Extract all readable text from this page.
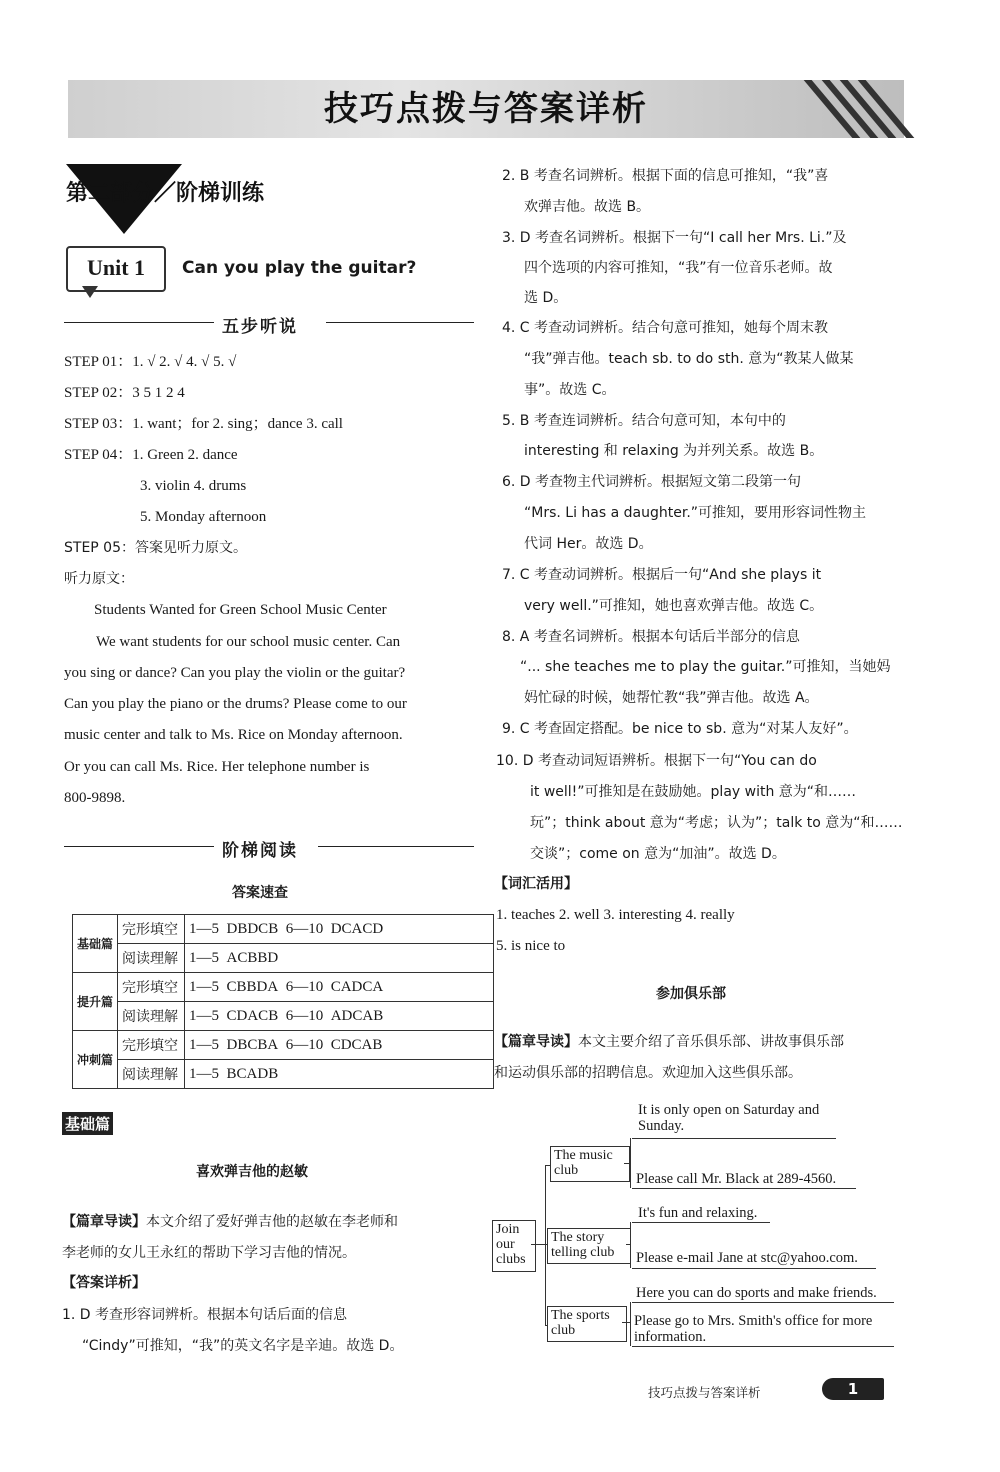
技巧点拨与答案详析
第二部分／阶梯训练
Unit 1	Can you play the guitar?
五步听说
STEP 01：1. √ 2. √ 4. √ 5. √
STEP 02：3 5 1 2 4
STEP 03：1. want；for 2. sing；dance 3. call
STEP 04：1. Green 2. dance
3. violin 4. drums
5. Monday afternoon
STEP 05：答案见听力原文。
听力原文：
Students Wanted for Green School Music Center
We want students for our school music center. Can
you sing or dance? Can you play the violin or the guitar?
Can you play the piano or the drums? Please come to our
music center and talk to Ms. Rice on Monday afternoon.
Or you can call Ms. Rice. Her telephone number is
800-9898.
阶梯阅读
答案速查
基础篇	完形填空	1—5 DBDCB 6—10 DCACD
	阅读理解	1—5 ACBBD
提升篇	完形填空	1—5 CBBDA 6—10 CADCA
	阅读理解	1—5 CDACB 6—10 ADCAB
冲刺篇	完形填空	1—5 DBCBA 6—10 CDCAB
	阅读理解	1—5 BCADB
基础篇
喜欢弹吉他的赵敏
【篇章导读】本文介绍了爱好弹吉他的赵敏在李老师和
李老师的女儿王永红的帮助下学习吉他的情况。
【答案详析】
1. D 考查形容词辨析。根据本句话后面的信息
“Cindy”可推知，“我”的英文名字是辛迪。故选 D。
2. B 考查名词辨析。根据下面的信息可推知，“我”喜
欢弹吉他。故选 B。
3. D 考查名词辨析。根据下一句“I call her Mrs. Li.”及
四个选项的内容可推知，“我”有一位音乐老师。故
选 D。
4. C 考查动词辨析。结合句意可推知，她每个周末教
“我”弹吉他。teach sb. to do sth. 意为“教某人做某
事”。故选 C。
5. B 考查连词辨析。结合句意可知，本句中的
interesting 和 relaxing 为并列关系。故选 B。
6. D 考查物主代词辨析。根据短文第二段第一句
“Mrs. Li has a daughter.”可推知，要用形容词性物主
代词 Her。故选 D。
7. C 考查动词辨析。根据后一句“And she plays it
very well.”可推知，她也喜欢弹吉他。故选 C。
8. A 考查名词辨析。根据本句话后半部分的信息
“... she teaches me to play the guitar.”可推知，当她妈
妈忙碌的时候，她帮忙教“我”弹吉他。故选 A。
9. C 考查固定搭配。be nice to sb. 意为“对某人友好”。
10. D 考查动词短语辨析。根据下一句“You can do
it well!”可推知是在鼓励她。play with 意为“和……
玩”；think about 意为“考虑；认为”；talk to 意为“和……
交谈”；come on 意为“加油”。故选 D。
【词汇活用】
1. teaches 2. well 3. interesting 4. really
5. is nice to
参加俱乐部
【篇章导读】本文主要介绍了音乐俱乐部、讲故事俱乐部
和运动俱乐部的招聘信息。欢迎加入这些俱乐部。
Join our clubs
The music club
The story telling club
The sports club
It is only open on Saturday and Sunday.
Please call Mr. Black at 289-4560.
It's fun and relaxing.
Please e-mail Jane at stc@yahoo.com.
Here you can do sports and make friends.
Please go to Mrs. Smith's office for more information.
技巧点拨与答案详析	1
